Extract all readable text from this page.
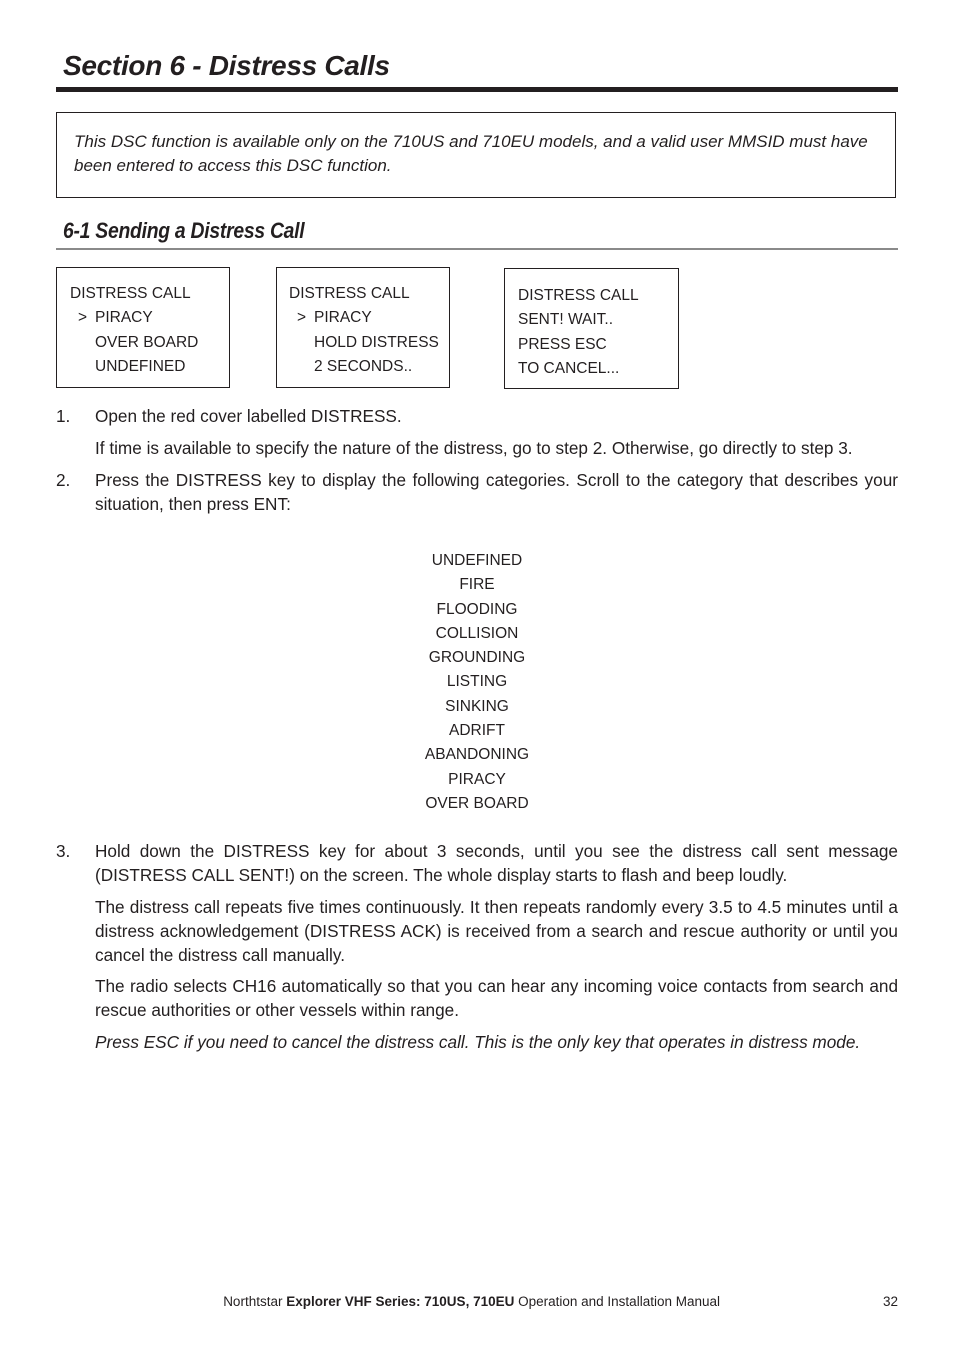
Section 6 - Distress Calls
This DSC function is available only on the 710US and 710EU models, and a valid user MMSID must have been entered to access this DSC function.
6-1 Sending a Distress Call
DISTRESS CALL
> PIRACY
OVER BOARD
UNDEFINED
DISTRESS CALL
> PIRACY
HOLD DISTRESS
2 SECONDS..
DISTRESS CALL
SENT! WAIT..
PRESS ESC
TO CANCEL...
1. Open the red cover labelled DISTRESS.
If time is available to specify the nature of the distress, go to step 2. Otherwise, go directly to step 3.
2. Press the DISTRESS key to display the following categories. Scroll to the category that describes your situation, then press ENT:
UNDEFINED
FIRE
FLOODING
COLLISION
GROUNDING
LISTING
SINKING
ADRIFT
ABANDONING
PIRACY
OVER BOARD
3. Hold down the DISTRESS key for about 3 seconds, until you see the distress call sent message (DISTRESS CALL SENT!) on the screen. The whole display starts to flash and beep loudly.
The distress call repeats five times continuously. It then repeats randomly every 3.5 to 4.5 minutes until a distress acknowledgement (DISTRESS ACK) is received from a search and rescue authority or until you cancel the distress call manually.
The radio selects CH16 automatically so that you can hear any incoming voice contacts from search and rescue authorities or other vessels within range.
Press ESC if you need to cancel the distress call. This is the only key that operates in distress mode.
Northtstar Explorer VHF Series: 710US, 710EU Operation and Installation Manual	32
